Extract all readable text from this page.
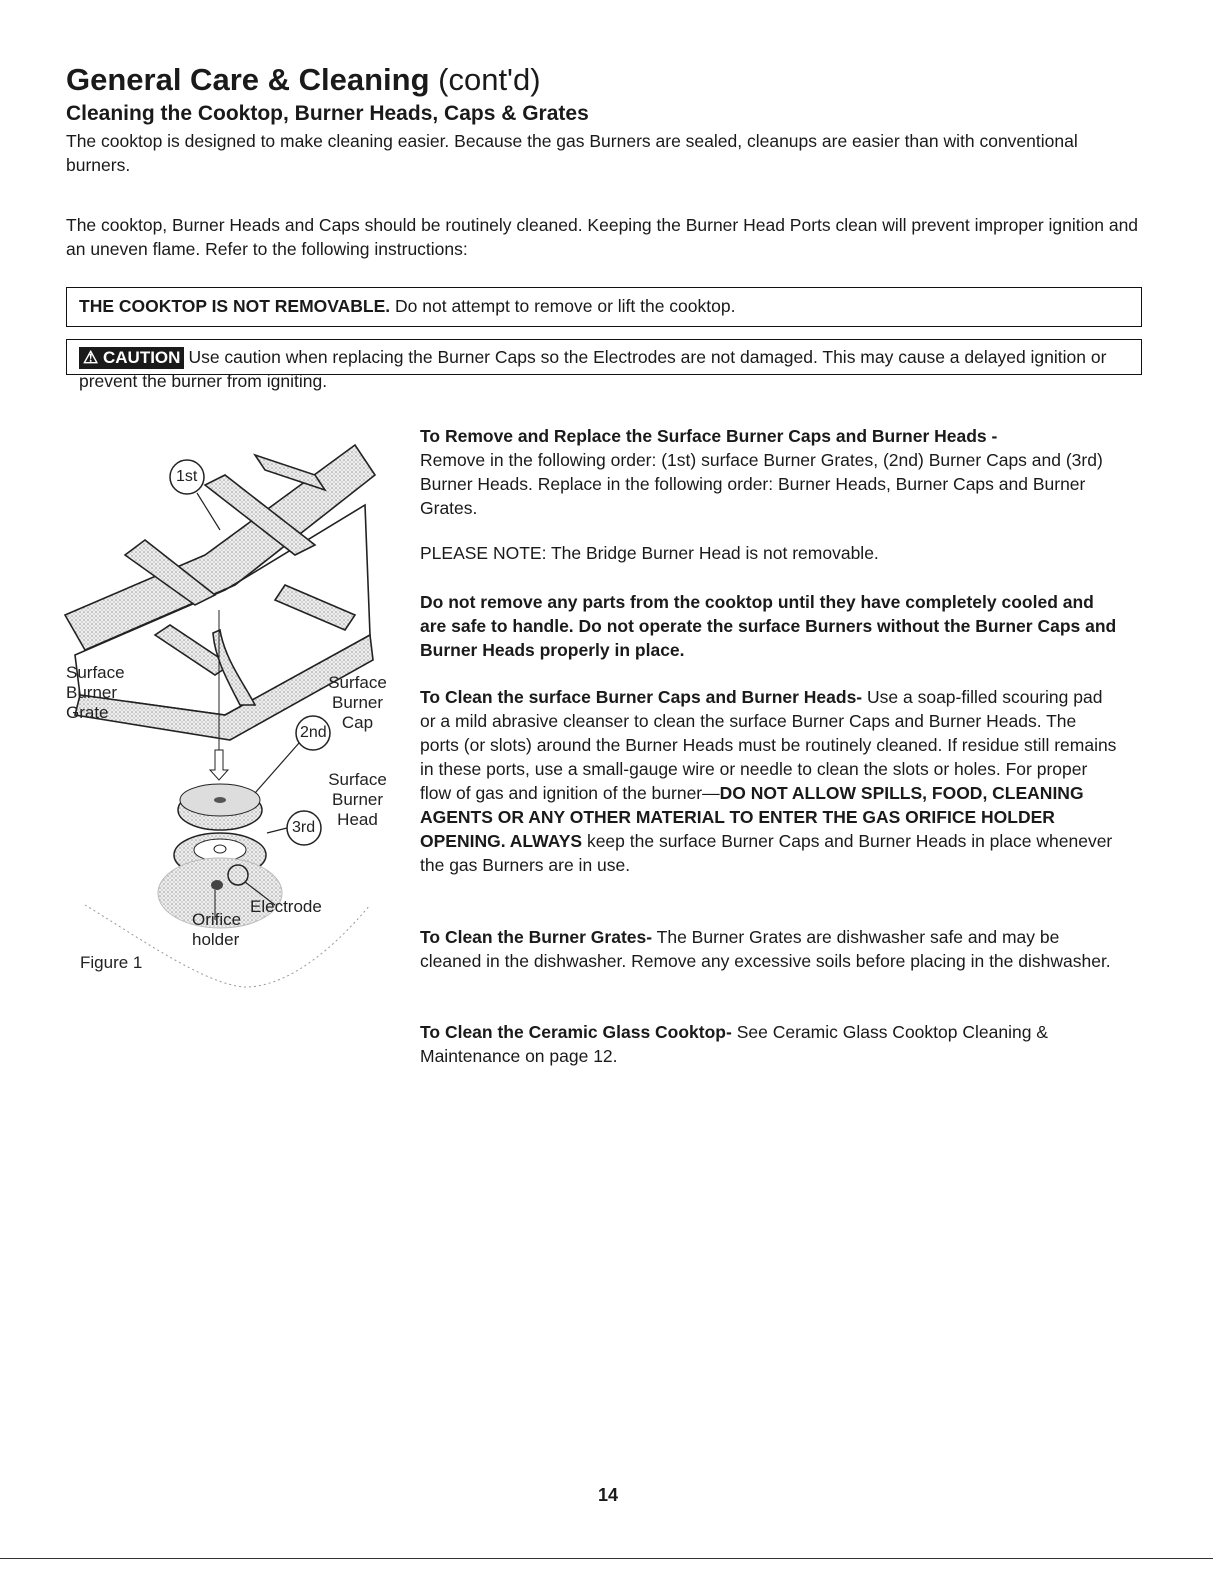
General Care & Cleaning (cont'd)
Cleaning the Cooktop, Burner Heads, Caps & Grates

The cooktop is designed to make cleaning easier. Because the gas Burners are sealed, cleanups are easier than with conventional burners.

The cooktop, Burner Heads and Caps should be routinely cleaned. Keeping the Burner Head Ports clean will prevent improper ignition and an uneven flame. Refer to the following instructions:

THE COOKTOP IS NOT REMOVABLE. Do not attempt to remove or lift the cooktop.
⚠ CAUTION Use caution when replacing the Burner Caps so the Electrodes are not damaged. This may cause a delayed ignition or prevent the burner from igniting.
1st
2nd
3rd
Surface
Burner
Grate
Surface
Burner
Cap
Surface
Burner
Head
Electrode
Orifice
holder
Figure 1

To Remove and Replace the Surface Burner Caps and Burner Heads -
Remove in the following order: (1st) surface Burner Grates, (2nd) Burner Caps and (3rd) Burner Heads. Replace in the following order: Burner Heads, Burner Caps and Burner Grates.

PLEASE NOTE: The Bridge Burner Head is not removable.

Do not remove any parts from the cooktop until they have completely cooled and are safe to handle. Do not operate the surface Burners without the Burner Caps and Burner Heads properly in place.

To Clean the surface Burner Caps and Burner Heads- Use a soap-filled scouring pad or a mild abrasive cleanser to clean the surface Burner Caps and Burner Heads. The ports (or slots) around the Burner Heads must be routinely cleaned. If residue still remains in these ports, use a small-gauge wire or needle to clean the slots or holes. For proper flow of gas and ignition of the burner—DO NOT ALLOW SPILLS, FOOD, CLEANING AGENTS OR ANY OTHER MATERIAL TO ENTER THE GAS ORIFICE HOLDER OPENING. ALWAYS keep the surface Burner Caps and Burner Heads in place whenever the gas Burners are in use.

To Clean the Burner Grates- The Burner Grates are dishwasher safe and may be cleaned in the dishwasher. Remove any excessive soils before placing in the dishwasher.

To Clean the Ceramic Glass Cooktop- See Ceramic Glass Cooktop Cleaning & Maintenance on page 12.

14
